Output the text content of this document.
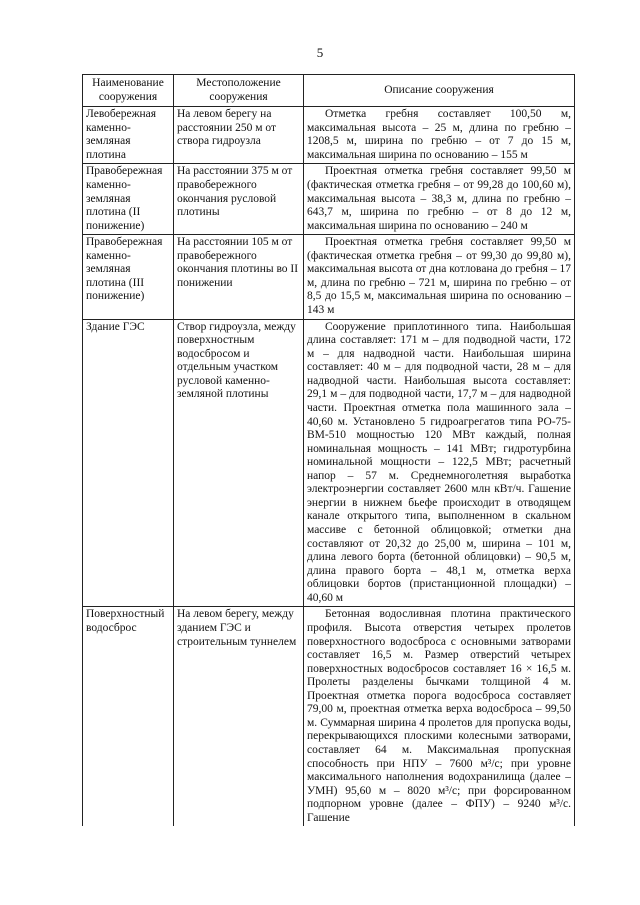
5
Наименование сооружения	Местоположение сооружения	Описание сооружения
Левобережная каменно-земляная плотина	На левом берегу на расстоянии 250 м от створа гидроузла	Отметка гребня составляет 100,50 м, максимальная высота – 25 м, длина по гребню – 1208,5 м, ширина по гребню – от 7 до 15 м, максимальная ширина по основанию – 155 м
Правобережная каменно-земляная плотина (II понижение)	На расстоянии 375 м от правобережного окончания русловой плотины	Проектная отметка гребня составляет 99,50 м (фактическая отметка гребня – от 99,28 до 100,60 м), максимальная высота – 38,3 м, длина по гребню – 643,7 м, ширина по гребню – от 8 до 12 м, максимальная ширина по основанию – 240 м
Правобережная каменно-земляная плотина (III понижение)	На расстоянии 105 м от правобережного окончания плотины во II понижении	Проектная отметка гребня составляет 99,50 м (фактическая отметка гребня – от 99,30 до 99,80 м), максимальная высота от дна котлована до гребня – 17 м, длина по гребню – 721 м, ширина по гребню – от 8,5 до 15,5 м, максимальная ширина по основанию – 143 м
Здание ГЭС	Створ гидроузла, между поверхностным водосбросом и отдельным участком русловой каменно-земляной плотины	Сооружение приплотинного типа. Наибольшая длина составляет: 171 м – для подводной части, 172 м – для надводной части. Наибольшая ширина составляет: 40 м – для подводной части, 28 м – для надводной части. Наибольшая высота составляет: 29,1 м – для подводной части, 17,7 м – для надводной части. Проектная отметка пола машинного зала – 40,60 м. Установлено 5 гидроагрегатов типа РО-75-ВМ-510 мощностью 120 МВт каждый, полная номинальная мощность – 141 МВт; гидротурбина номинальной мощности – 122,5 МВт; расчетный напор – 57 м. Среднемноголетняя выработка электроэнергии составляет 2600 млн кВт/ч. Гашение энергии в нижнем бьефе происходит в отводящем канале открытого типа, выполненном в скальном массиве с бетонной облицовкой; отметки дна составляют от 20,32 до 25,00 м, ширина – 101 м, длина левого борта (бетонной облицовки) – 90,5 м, длина правого борта – 48,1 м, отметка верха облицовки бортов (пристанционной площадки) – 40,60 м
Поверхностный водосброс	На левом берегу, между зданием ГЭС и строительным туннелем	Бетонная водосливная плотина практического профиля. Высота отверстия четырех пролетов поверхностного водосброса с основными затворами составляет 16,5 м. Размер отверстий четырех поверхностных водосбросов составляет 16 × 16,5 м. Пролеты разделены бычками толщиной 4 м. Проектная отметка порога водосброса составляет 79,00 м, проектная отметка верха водосброса – 99,50 м. Суммарная ширина 4 пролетов для пропуска воды, перекрывающихся плоскими колесными затворами, составляет 64 м. Максимальная пропускная способность при НПУ – 7600 м³/с; при уровне максимального наполнения водохранилища (далее – УМН) 95,60 м – 8020 м³/с; при форсированном подпорном уровне (далее – ФПУ) – 9240 м³/с. Гашение
